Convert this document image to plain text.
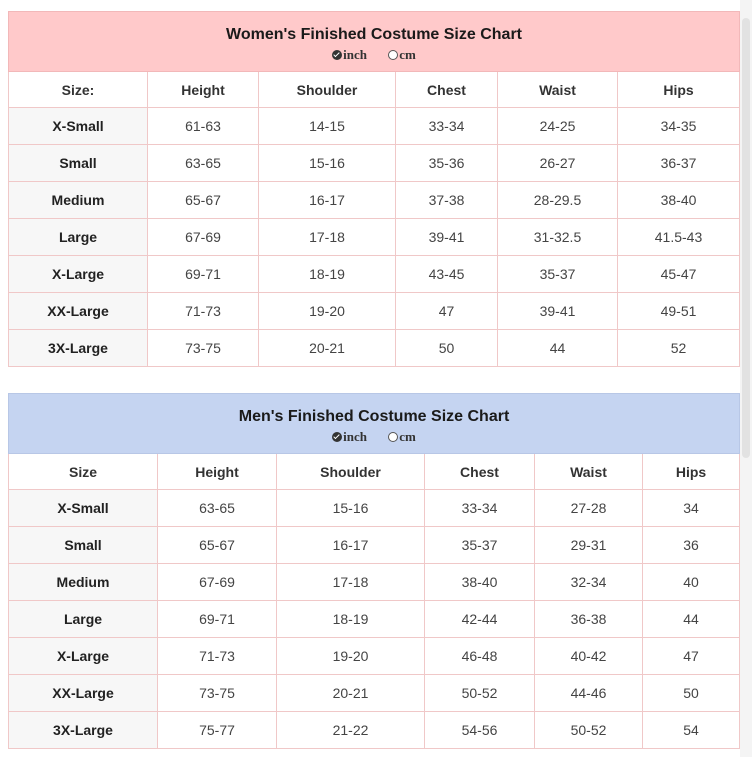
Women's Finished Costume Size Chart
inch cm					

Size:	Height	Shoulder	Chest	Waist	Hips
X-Small	61-63	14-15	33-34	24-25	34-35
Small	63-65	15-16	35-36	26-27	36-37
Medium	65-67	16-17	37-38	28-29.5	38-40
Large	67-69	17-18	39-41	31-32.5	41.5-43
X-Large	69-71	18-19	43-45	35-37	45-47
XX-Large	71-73	19-20	47	39-41	49-51
3X-Large	73-75	20-21	50	44	52
Men's Finished Costume Size Chart
inch cm					

Size	Height	Shoulder	Chest	Waist	Hips
X-Small	63-65	15-16	33-34	27-28	34
Small	65-67	16-17	35-37	29-31	36
Medium	67-69	17-18	38-40	32-34	40
Large	69-71	18-19	42-44	36-38	44
X-Large	71-73	19-20	46-48	40-42	47
XX-Large	73-75	20-21	50-52	44-46	50
3X-Large	75-77	21-22	54-56	50-52	54
